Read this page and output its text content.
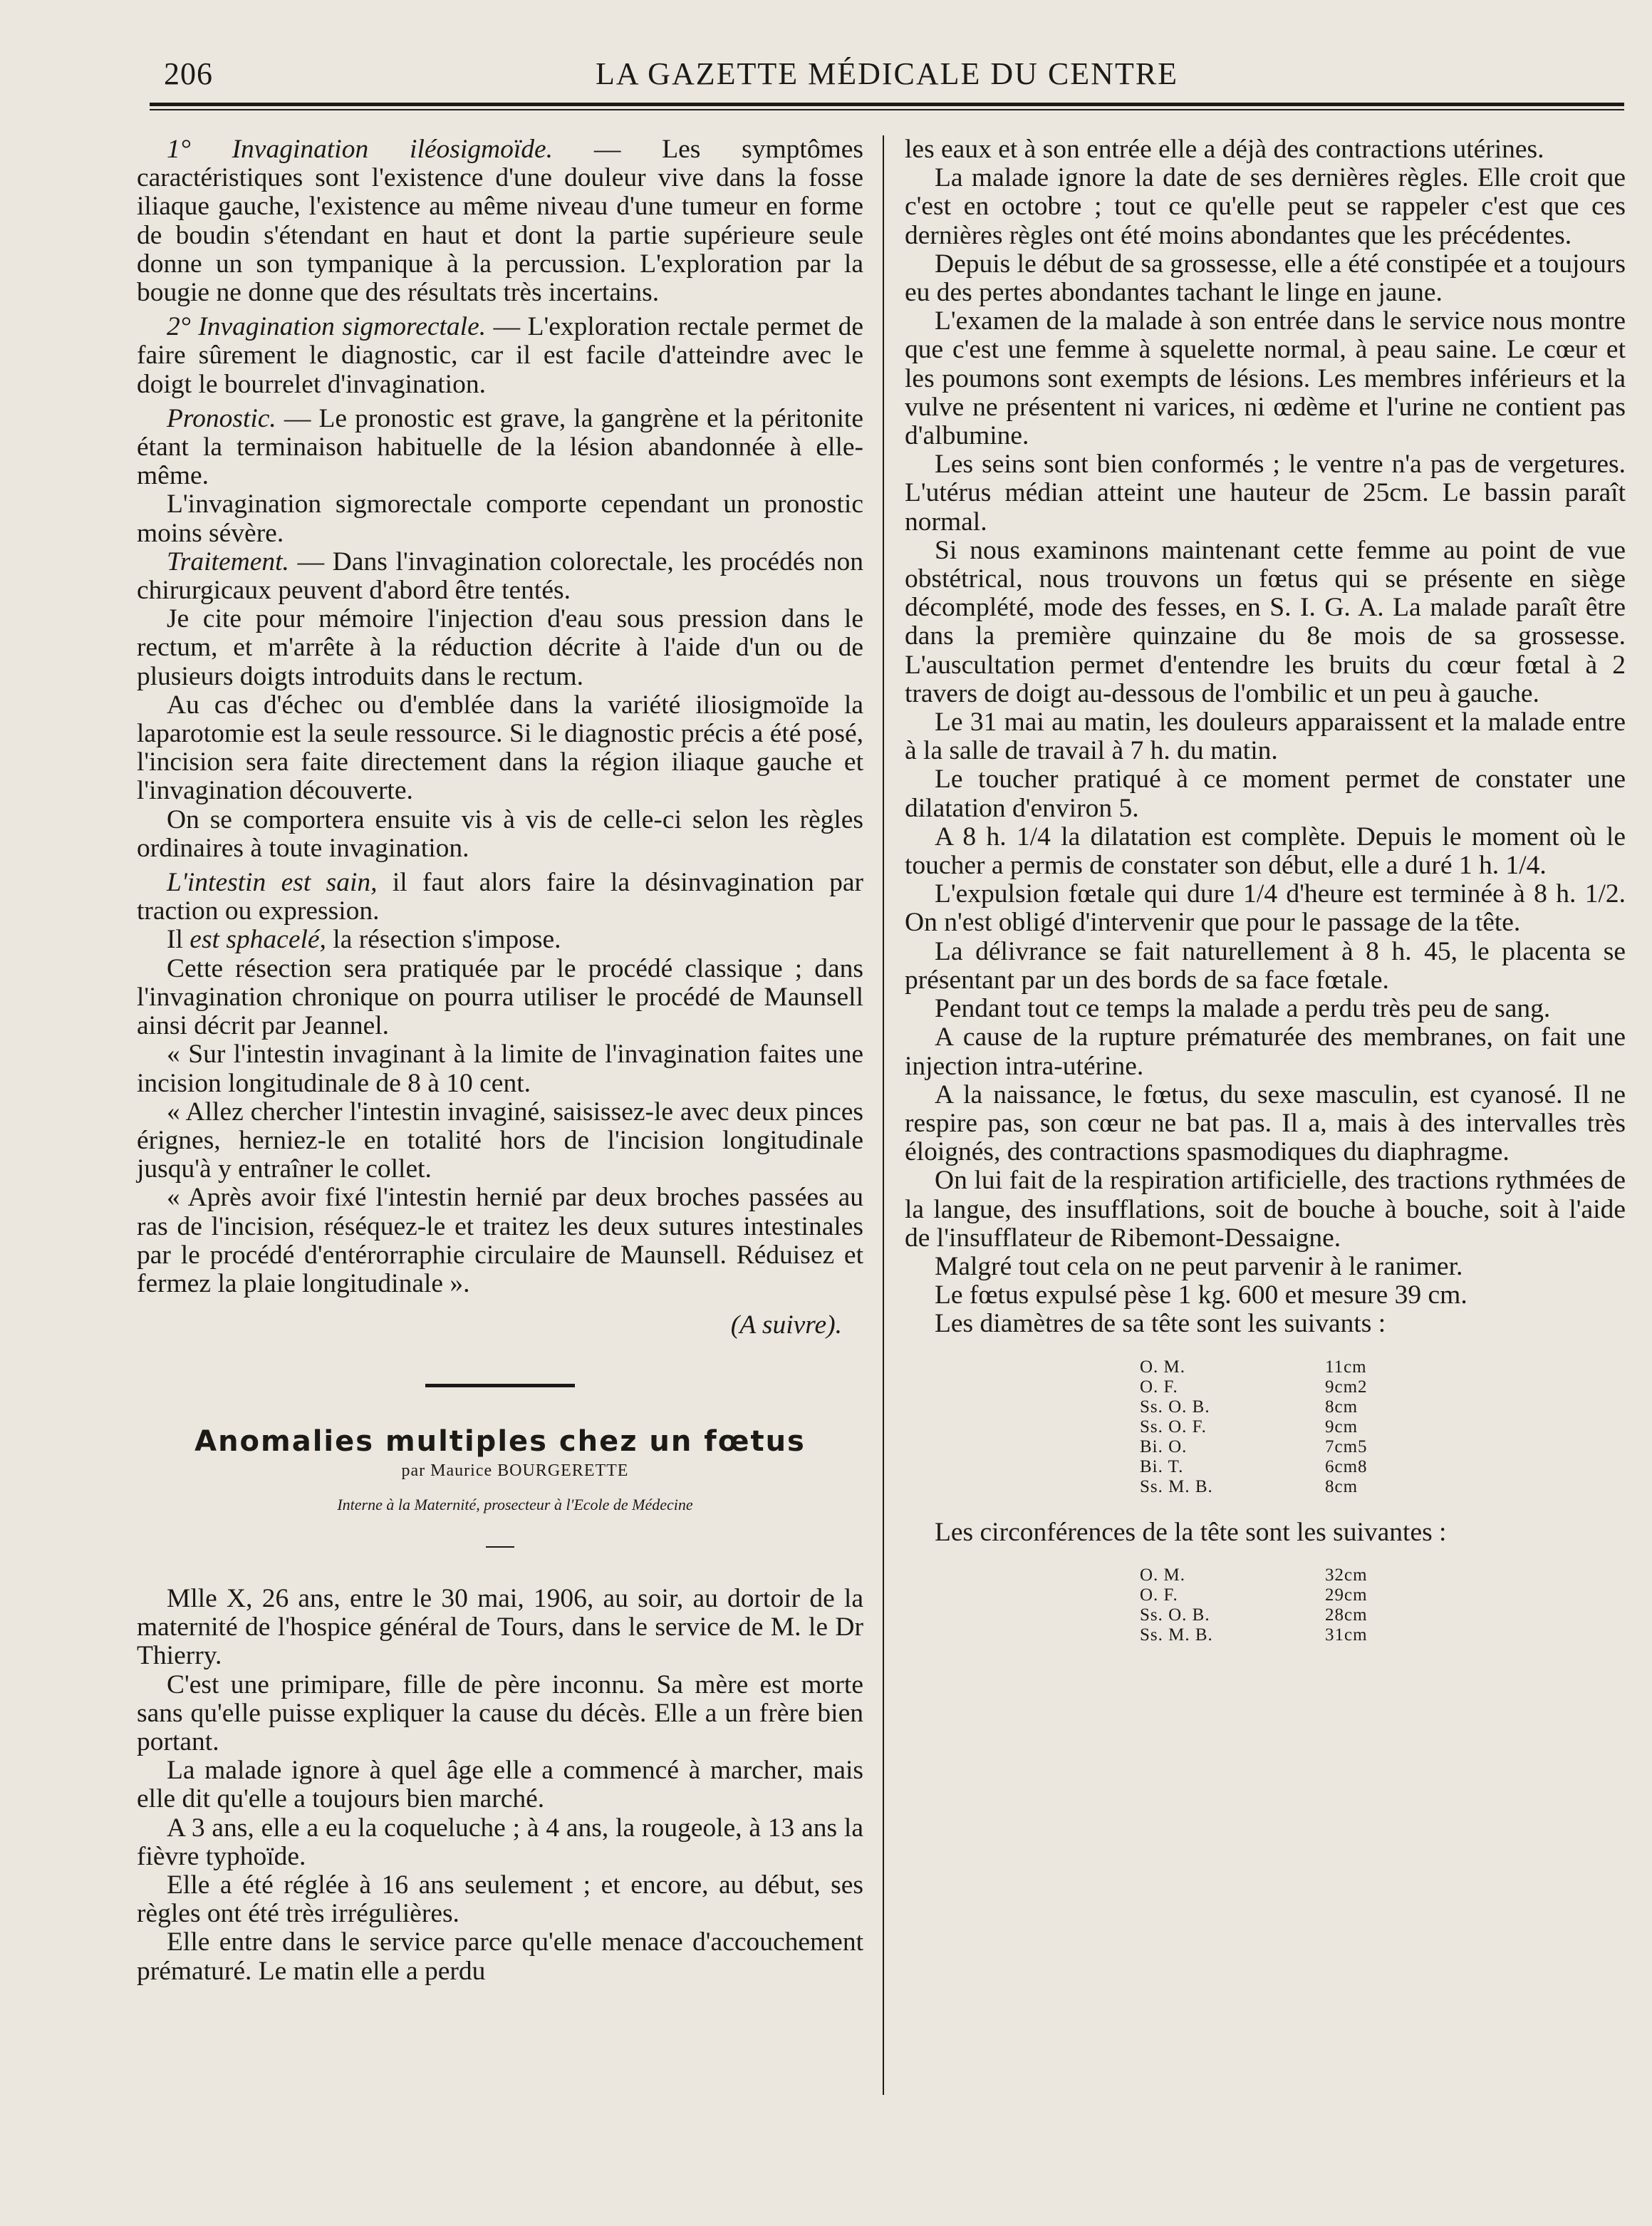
206	LA GAZETTE MÉDICALE DU CENTRE

1° Invagination iléosigmoïde. — Les symptômes caractéristiques sont l'existence d'une douleur vive dans la fosse iliaque gauche, l'existence au même niveau d'une tumeur en forme de boudin s'étendant en haut et dont la partie supérieure seule donne un son tympanique à la percussion. L'exploration par la bougie ne donne que des résultats très incertains.

2° Invagination sigmorectale. — L'exploration rectale permet de faire sûrement le diagnostic, car il est facile d'atteindre avec le doigt le bourrelet d'invagination.

Pronostic. — Le pronostic est grave, la gangrène et la péritonite étant la terminaison habituelle de la lésion abandonnée à elle-même.

L'invagination sigmorectale comporte cependant un pronostic moins sévère.

Traitement. — Dans l'invagination colorectale, les procédés non chirurgicaux peuvent d'abord être tentés.

Je cite pour mémoire l'injection d'eau sous pression dans le rectum, et m'arrête à la réduction décrite à l'aide d'un ou de plusieurs doigts introduits dans le rectum.

Au cas d'échec ou d'emblée dans la variété iliosigmoïde la laparotomie est la seule ressource. Si le diagnostic précis a été posé, l'incision sera faite directement dans la région iliaque gauche et l'invagination découverte.

On se comportera ensuite vis à vis de celle-ci selon les règles ordinaires à toute invagination.

L'intestin est sain, il faut alors faire la désinvagination par traction ou expression.

Il est sphacelé, la résection s'impose.

Cette résection sera pratiquée par le procédé classique ; dans l'invagination chronique on pourra utiliser le procédé de Maunsell ainsi décrit par Jeannel.

« Sur l'intestin invaginant à la limite de l'invagination faites une incision longitudinale de 8 à 10 cent.

« Allez chercher l'intestin invaginé, saisissez-le avec deux pinces érignes, herniez-le en totalité hors de l'incision longitudinale jusqu'à y entraîner le collet.

« Après avoir fixé l'intestin hernié par deux broches passées au ras de l'incision, réséquez-le et traitez les deux sutures intestinales par le procédé d'entérorraphie circulaire de Maunsell. Réduisez et fermez la plaie longitudinale ».

(A suivre).

Anomalies multiples chez un fœtus

par Maurice BOURGERETTE

Interne à la Maternité, prosecteur à l'Ecole de Médecine

Mlle X, 26 ans, entre le 30 mai, 1906, au soir, au dortoir de la maternité de l'hospice général de Tours, dans le service de M. le Dr Thierry.

C'est une primipare, fille de père inconnu. Sa mère est morte sans qu'elle puisse expliquer la cause du décès. Elle a un frère bien portant.

La malade ignore à quel âge elle a commencé à marcher, mais elle dit qu'elle a toujours bien marché.

A 3 ans, elle a eu la coqueluche ; à 4 ans, la rougeole, à 13 ans la fièvre typhoïde.

Elle a été réglée à 16 ans seulement ; et encore, au début, ses règles ont été très irrégulières.

Elle entre dans le service parce qu'elle menace d'accouchement prématuré. Le matin elle a perdu

les eaux et à son entrée elle a déjà des contractions utérines.

La malade ignore la date de ses dernières règles. Elle croit que c'est en octobre ; tout ce qu'elle peut se rappeler c'est que ces dernières règles ont été moins abondantes que les précédentes.

Depuis le début de sa grossesse, elle a été constipée et a toujours eu des pertes abondantes tachant le linge en jaune.

L'examen de la malade à son entrée dans le service nous montre que c'est une femme à squelette normal, à peau saine. Le cœur et les poumons sont exempts de lésions. Les membres inférieurs et la vulve ne présentent ni varices, ni œdème et l'urine ne contient pas d'albumine.

Les seins sont bien conformés ; le ventre n'a pas de vergetures. L'utérus médian atteint une hauteur de 25cm. Le bassin paraît normal.

Si nous examinons maintenant cette femme au point de vue obstétrical, nous trouvons un fœtus qui se présente en siège décomplété, mode des fesses, en S. I. G. A. La malade paraît être dans la première quinzaine du 8e mois de sa grossesse. L'auscultation permet d'entendre les bruits du cœur fœtal à 2 travers de doigt au-dessous de l'ombilic et un peu à gauche.

Le 31 mai au matin, les douleurs apparaissent et la malade entre à la salle de travail à 7 h. du matin.

Le toucher pratiqué à ce moment permet de constater une dilatation d'environ 5.

A 8 h. 1/4 la dilatation est complète. Depuis le moment où le toucher a permis de constater son début, elle a duré 1 h. 1/4.

L'expulsion fœtale qui dure 1/4 d'heure est terminée à 8 h. 1/2. On n'est obligé d'intervenir que pour le passage de la tête.

La délivrance se fait naturellement à 8 h. 45, le placenta se présentant par un des bords de sa face fœtale.

Pendant tout ce temps la malade a perdu très peu de sang.

A cause de la rupture prématurée des membranes, on fait une injection intra-utérine.

A la naissance, le fœtus, du sexe masculin, est cyanosé. Il ne respire pas, son cœur ne bat pas. Il a, mais à des intervalles très éloignés, des contractions spasmodiques du diaphragme.

On lui fait de la respiration artificielle, des tractions rythmées de la langue, des insufflations, soit de bouche à bouche, soit à l'aide de l'insufflateur de Ribemont-Dessaigne.

Malgré tout cela on ne peut parvenir à le ranimer.

Le fœtus expulsé pèse 1 kg. 600 et mesure 39 cm.

Les diamètres de sa tête sont les suivants :

O. M.	11cm
O. F.	9cm2
Ss. O. B.	8cm
Ss. O. F.	9cm
Bi. O.	7cm5
Bi. T.	6cm8
Ss. M. B.	8cm

Les circonférences de la tête sont les suivantes :

O. M.	32cm
O. F.	29cm
Ss. O. B.	28cm
Ss. M. B.	31cm
